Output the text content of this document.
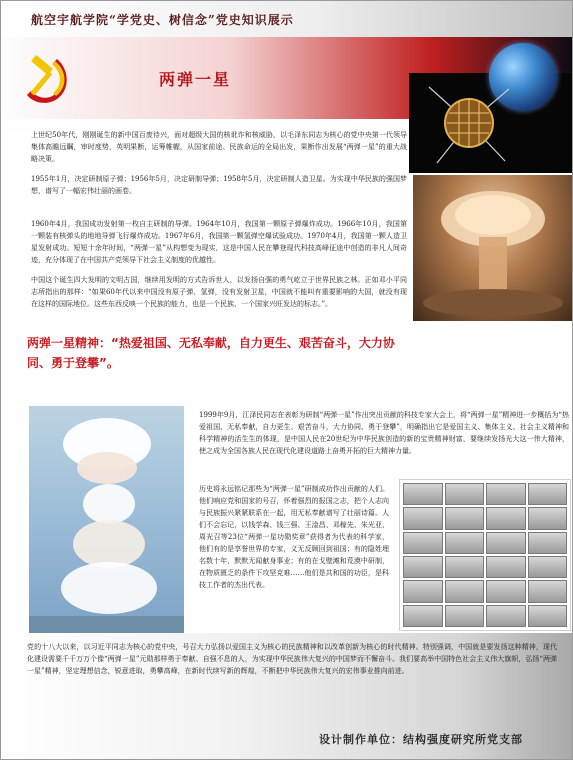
航空宇航学院“学党史、树信念”党史知识展示
两弹一星
上世纪50年代，刚刚诞生的新中国百废待兴，面对超级大国的核讹诈和核威胁，以毛泽东同志为核心的党中央第一代领导集体高瞻远瞩，审时度势，英明果断，运筹帷幄，从国家前途、民族命运的全局出发，果断作出发展“两弹一星”的重大战略决策。
1955年1月，决定研制原子弹；1956年5月，决定研制导弹；1958年5月，决定研制人造卫星。为实现中华民族的强国梦想，谱写了一幅宏伟壮丽的画卷。
1960年4月，我国成功发射第一枚自主研制的导弹。1964年10月，我国第一颗原子弹爆炸成功。1966年10月，我国第一颗装有核弹头的地地导弹飞行爆炸成功。1967年6月，我国第一颗氢弹空爆试验成功。1970年4月，我国第一颗人造卫星发射成功。短短十余年时间，“两弹一星”从构想变为现实，这是中国人民在攀登现代科技高峰征途中创造的非凡人间奇迹，充分体现了在中国共产党领导下社会主义制度的优越性。
中国这个诞生四大发明的文明古国，继续用发明的方式告诉世人，以发扬自强的勇气屹立于世界民族之林。正如邓小平同志所指出的那样：“如果60年代以来中国没有原子弹、氢弹，没有发射卫星，中国就不能叫有重要影响的大国，就没有现在这样的国际地位。这些东西反映一个民族的能力，也是一个民族、一个国家兴旺发达的标志。”。
两弹一星精神：“热爱祖国、无私奉献，自力更生、艰苦奋斗，大力协同、勇于登攀”。
1999年9月，江泽民同志在表彰为研制“两弹一星”作出突出贡献的科技专家大会上，将“两弹一星”精神进一步概括为“热爱祖国、无私奉献，自力更生、艰苦奋斗，大力协同、勇于登攀”，明确指出它是爱国主义、集体主义、社会主义精神和科学精神的活生生的体现，是中国人民在20世纪为中华民族创造的新的宝贵精神财富，要继续发扬光大这一伟大精神，使之成为全国各族人民在现代化建设道路上奋勇开拓的巨大精神力量。
历史将永远铭记那些为“两弹一星”研制成功作出贡献的人们。他们响应党和国家的号召，怀着强烈的报国之志，把个人志向与民族振兴紧紧联系在一起，用无私奉献谱写了壮丽诗篇。人们不会忘记，以钱学森、钱三强、王淦昌、邓稼先、朱光亚、周光召等23位“两弹一星功勋奖章”获得者为代表的科学家，他们有的是享誉世界的专家，义无反顾回到祖国；有的隐姓埋名数十年，默默无闻献身事业；有的在戈壁滩和荒漠中研制，在物质匮乏的条件下攻坚克难……他们是共和国的功臣，是科技工作者的杰出代表。
党的十八大以来，以习近平同志为核心的党中央，号召大力弘扬以爱国主义为核心的民族精神和以改革创新为核心的时代精神。特别强调，中国就是要发扬这种精神，现代化建设需要千千万万个像“两弹一星”元勋那样勇于奉献、自强不息的人，为实现中华民族伟大复兴的中国梦而不懈奋斗。我们要高举中国特色社会主义伟大旗帜，弘扬“两弹一星”精神，坚定理想信念，锐意进取，勇攀高峰，在新时代续写新的辉煌，不断把中华民族伟大复兴的宏伟事业推向前进。
设计制作单位：结构强度研究所党支部
